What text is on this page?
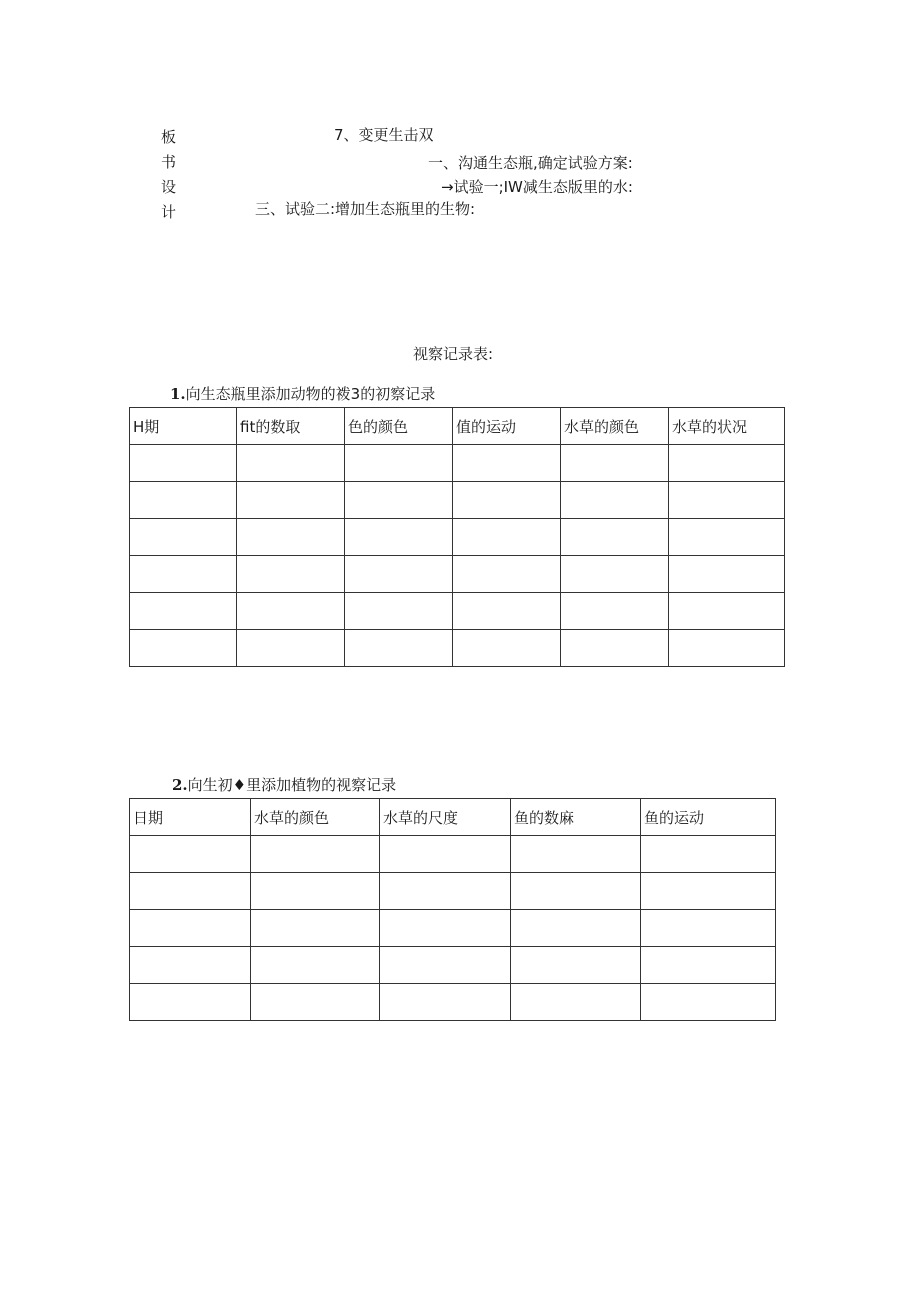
板
书
设
计
7、变更生击双
一、沟通生态瓶,确定试验方案:
→试验一;IW减生态版里的水:
三、试验二:增加生态瓶里的生物:
视察记录表:
1.向生态瓶里添加动物的袯3的初察记录
H期	fit的数取	色的颜色	值的运动	水草的颜色	水草的状况

2.向生初♦里添加植物的视察记录
日期	水草的颜色	水草的尺度	鱼的数麻	鱼的运动
